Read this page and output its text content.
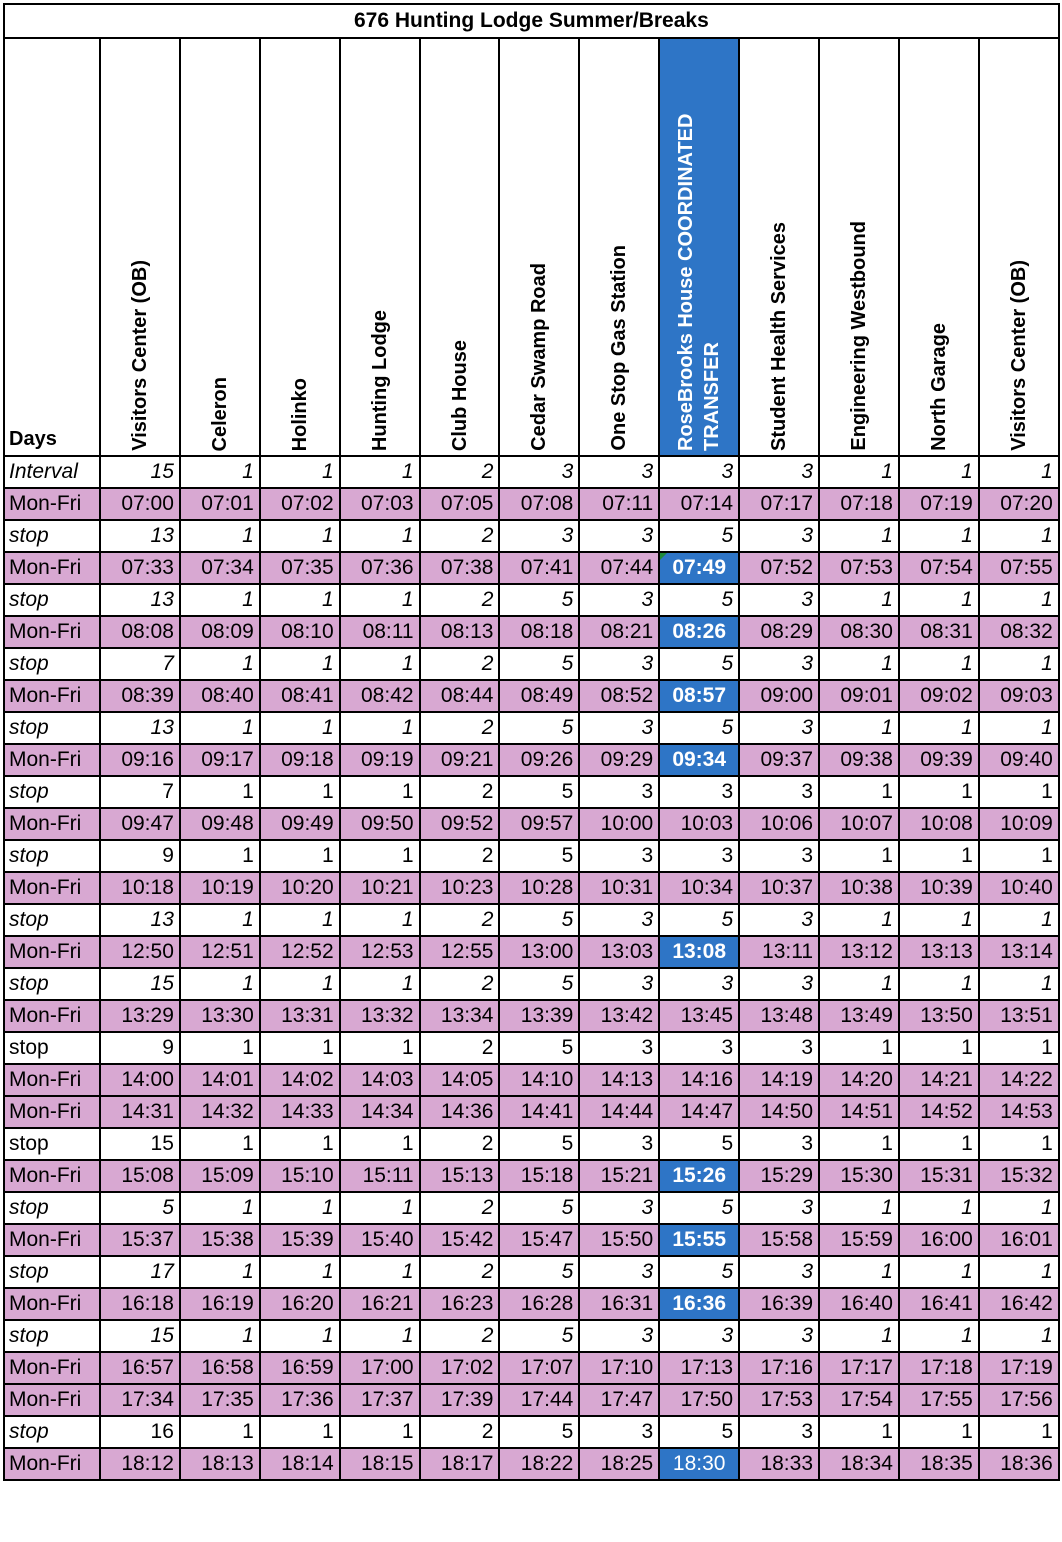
676 Hunting Lodge Summer/Breaks												
Days	Visitors Center (OB)	Celeron	Holinko	Hunting Lodge	Club House	Cedar Swamp Road	One Stop Gas Station	RoseBrooks House COORDINATED TRANSFER	Student Health Services	Engineering Westbound	North Garage	Visitors Center (OB)

Interval	15	1	1	1	2	3	3	3	3	1	1	1
Mon-Fri	07:00	07:01	07:02	07:03	07:05	07:08	07:11	07:14	07:17	07:18	07:19	07:20
stop	13	1	1	1	2	3	3	5	3	1	1	1
Mon-Fri	07:33	07:34	07:35	07:36	07:38	07:41	07:44	07:49	07:52	07:53	07:54	07:55
stop	13	1	1	1	2	5	3	5	3	1	1	1
Mon-Fri	08:08	08:09	08:10	08:11	08:13	08:18	08:21	08:26	08:29	08:30	08:31	08:32
stop	7	1	1	1	2	5	3	5	3	1	1	1
Mon-Fri	08:39	08:40	08:41	08:42	08:44	08:49	08:52	08:57	09:00	09:01	09:02	09:03
stop	13	1	1	1	2	5	3	5	3	1	1	1
Mon-Fri	09:16	09:17	09:18	09:19	09:21	09:26	09:29	09:34	09:37	09:38	09:39	09:40
stop	7	1	1	1	2	5	3	3	3	1	1	1
Mon-Fri	09:47	09:48	09:49	09:50	09:52	09:57	10:00	10:03	10:06	10:07	10:08	10:09
stop	9	1	1	1	2	5	3	3	3	1	1	1
Mon-Fri	10:18	10:19	10:20	10:21	10:23	10:28	10:31	10:34	10:37	10:38	10:39	10:40
stop	13	1	1	1	2	5	3	5	3	1	1	1
Mon-Fri	12:50	12:51	12:52	12:53	12:55	13:00	13:03	13:08	13:11	13:12	13:13	13:14
stop	15	1	1	1	2	5	3	3	3	1	1	1
Mon-Fri	13:29	13:30	13:31	13:32	13:34	13:39	13:42	13:45	13:48	13:49	13:50	13:51
stop	9	1	1	1	2	5	3	3	3	1	1	1
Mon-Fri	14:00	14:01	14:02	14:03	14:05	14:10	14:13	14:16	14:19	14:20	14:21	14:22
Mon-Fri	14:31	14:32	14:33	14:34	14:36	14:41	14:44	14:47	14:50	14:51	14:52	14:53
stop	15	1	1	1	2	5	3	5	3	1	1	1
Mon-Fri	15:08	15:09	15:10	15:11	15:13	15:18	15:21	15:26	15:29	15:30	15:31	15:32
stop	5	1	1	1	2	5	3	5	3	1	1	1
Mon-Fri	15:37	15:38	15:39	15:40	15:42	15:47	15:50	15:55	15:58	15:59	16:00	16:01
stop	17	1	1	1	2	5	3	5	3	1	1	1
Mon-Fri	16:18	16:19	16:20	16:21	16:23	16:28	16:31	16:36	16:39	16:40	16:41	16:42
stop	15	1	1	1	2	5	3	3	3	1	1	1
Mon-Fri	16:57	16:58	16:59	17:00	17:02	17:07	17:10	17:13	17:16	17:17	17:18	17:19
Mon-Fri	17:34	17:35	17:36	17:37	17:39	17:44	17:47	17:50	17:53	17:54	17:55	17:56
stop	16	1	1	1	2	5	3	5	3	1	1	1
Mon-Fri	18:12	18:13	18:14	18:15	18:17	18:22	18:25	18:30	18:33	18:34	18:35	18:36
